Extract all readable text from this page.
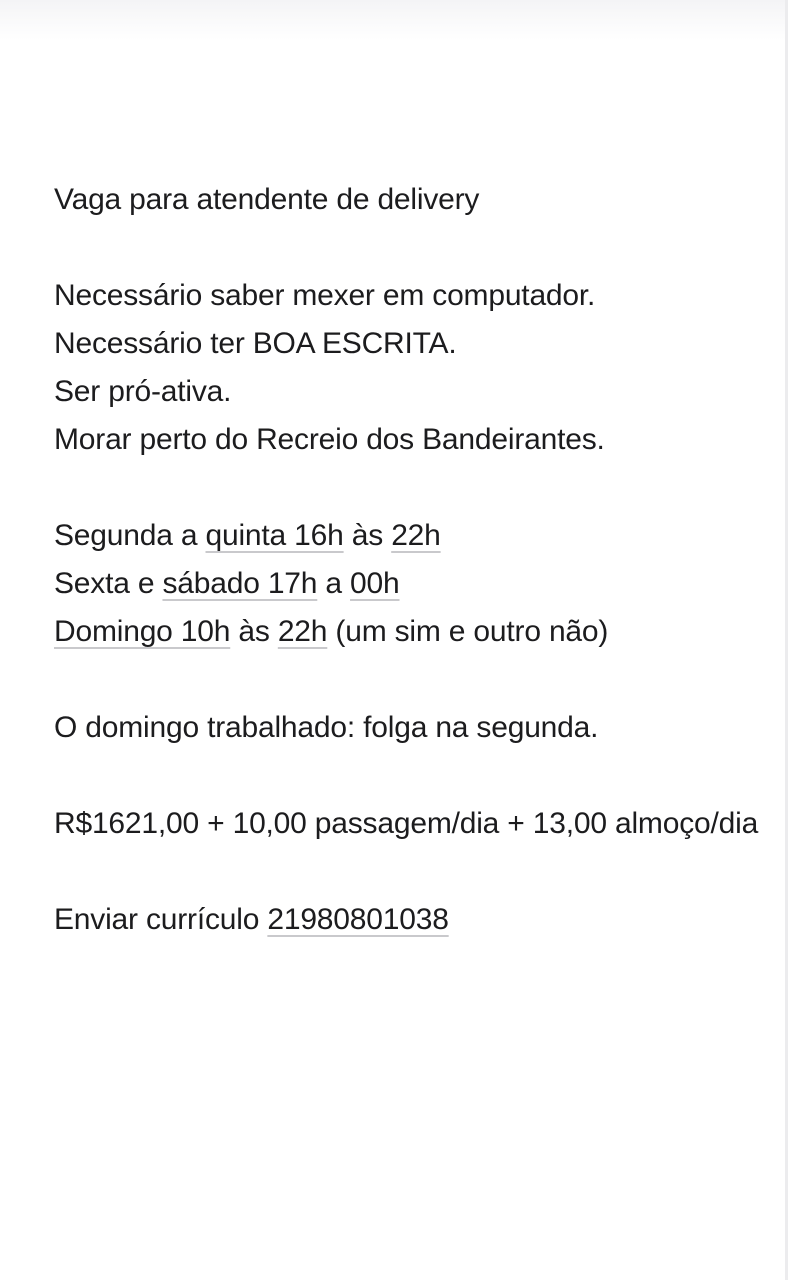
Vaga para atendente de delivery
Necessário saber mexer em computador.
Necessário ter BOA ESCRITA.
Ser pró-ativa.
Morar perto do Recreio dos Bandeirantes.
Segunda a quinta 16h às 22h
Sexta e sábado 17h a 00h
Domingo 10h às 22h (um sim e outro não)
O domingo trabalhado: folga na segunda.
R$1621,00 + 10,00 passagem/dia + 13,00 almoço/dia
Enviar currículo 21980801038
